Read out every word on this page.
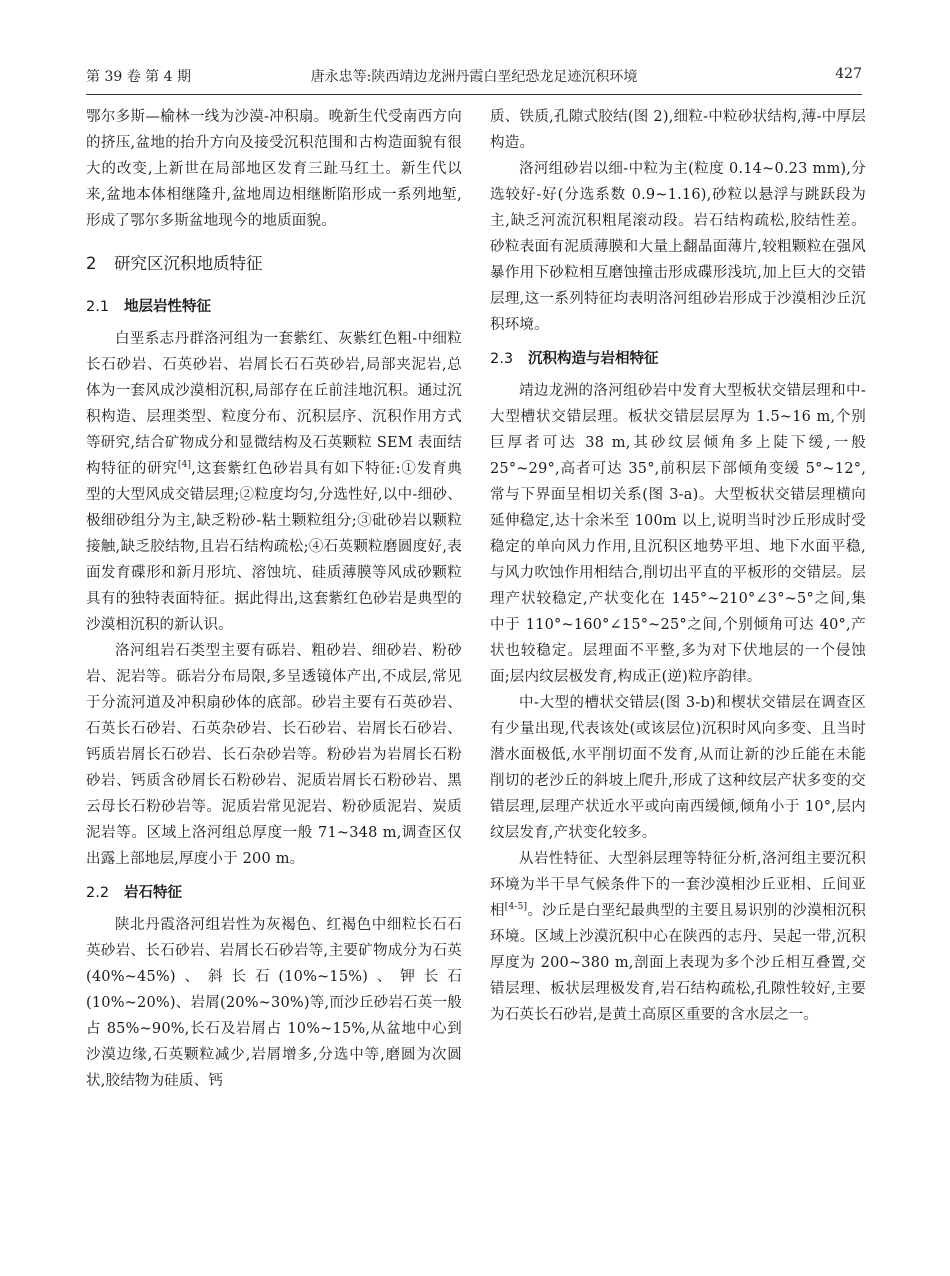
第 39 卷 第 4 期	唐永忠等:陕西靖边龙洲丹霞白垩纪恐龙足迹沉积环境	427

鄂尔多斯—榆林一线为沙漠-冲积扇。晚新生代受南西方向的挤压,盆地的抬升方向及接受沉积范围和古构造面貌有很大的改变,上新世在局部地区发育三趾马红土。新生代以来,盆地本体相继隆升,盆地周边相继断陷形成一系列地堑,形成了鄂尔多斯盆地现今的地质面貌。

2 研究区沉积地质特征
2.1 地层岩性特征

白垩系志丹群洛河组为一套紫红、灰紫红色粗-中细粒长石砂岩、石英砂岩、岩屑长石石英砂岩,局部夹泥岩,总体为一套风成沙漠相沉积,局部存在丘前洼地沉积。通过沉积构造、层理类型、粒度分布、沉积层序、沉积作用方式等研究,结合矿物成分和显微结构及石英颗粒 SEM 表面结构特征的研究[4],这套紫红色砂岩具有如下特征:①发育典型的大型风成交错层理;②粒度均匀,分选性好,以中-细砂、极细砂组分为主,缺乏粉砂-粘土颗粒组分;③砒砂岩以颗粒接触,缺乏胶结物,且岩石结构疏松;④石英颗粒磨圆度好,表面发育碟形和新月形坑、溶蚀坑、硅质薄膜等风成砂颗粒具有的独特表面特征。据此得出,这套紫红色砂岩是典型的沙漠相沉积的新认识。

洛河组岩石类型主要有砾岩、粗砂岩、细砂岩、粉砂岩、泥岩等。砾岩分布局限,多呈透镜体产出,不成层,常见于分流河道及冲积扇砂体的底部。砂岩主要有石英砂岩、石英长石砂岩、石英杂砂岩、长石砂岩、岩屑长石砂岩、钙质岩屑长石砂岩、长石杂砂岩等。粉砂岩为岩屑长石粉砂岩、钙质含砂屑长石粉砂岩、泥质岩屑长石粉砂岩、黑云母长石粉砂岩等。泥质岩常见泥岩、粉砂质泥岩、炭质泥岩等。区域上洛河组总厚度一般 71~348 m,调查区仅出露上部地层,厚度小于 200 m。

2.2 岩石特征

陕北丹霞洛河组岩性为灰褐色、红褐色中细粒长石石英砂岩、长石砂岩、岩屑长石砂岩等,主要矿物成分为石英(40%~45%)、斜长石(10%~15%)、钾长石(10%~20%)、岩屑(20%~30%)等,而沙丘砂岩石英一般占 85%~90%,长石及岩屑占 10%~15%,从盆地中心到沙漠边缘,石英颗粒减少,岩屑增多,分选中等,磨圆为次圆状,胶结物为硅质、钙

质、铁质,孔隙式胶结(图 2),细粒-中粒砂状结构,薄-中厚层构造。

洛河组砂岩以细-中粒为主(粒度 0.14~0.23 mm),分选较好-好(分选系数 0.9~1.16),砂粒以悬浮与跳跃段为主,缺乏河流沉积粗尾滚动段。岩石结构疏松,胶结性差。砂粒表面有泥质薄膜和大量上翻晶面薄片,较粗颗粒在强风暴作用下砂粒相互磨蚀撞击形成碟形浅坑,加上巨大的交错层理,这一系列特征均表明洛河组砂岩形成于沙漠相沙丘沉积环境。

2.3 沉积构造与岩相特征

靖边龙洲的洛河组砂岩中发育大型板状交错层理和中-大型槽状交错层理。板状交错层层厚为 1.5~16 m,个别巨厚者可达 38 m,其砂纹层倾角多上陡下缓,一般 25°~29°,高者可达 35°,前积层下部倾角变缓 5°~12°,常与下界面呈相切关系(图 3-a)。大型板状交错层理横向延伸稳定,达十余米至 100m 以上,说明当时沙丘形成时受稳定的单向风力作用,且沉积区地势平坦、地下水面平稳,与风力吹蚀作用相结合,削切出平直的平板形的交错层。层理产状较稳定,产状变化在 145°~210°∠3°~5°之间,集中于 110°~160°∠15°~25°之间,个别倾角可达 40°,产状也较稳定。层理面不平整,多为对下伏地层的一个侵蚀面;层内纹层极发育,构成正(逆)粒序韵律。

中-大型的槽状交错层(图 3-b)和楔状交错层在调查区有少量出现,代表该处(或该层位)沉积时风向多变、且当时潜水面极低,水平削切面不发育,从而让新的沙丘能在未能削切的老沙丘的斜坡上爬升,形成了这种纹层产状多变的交错层理,层理产状近水平或向南西缓倾,倾角小于 10°,层内纹层发育,产状变化较多。

从岩性特征、大型斜层理等特征分析,洛河组主要沉积环境为半干旱气候条件下的一套沙漠相沙丘亚相、丘间亚相[4-5]。沙丘是白垩纪最典型的主要且易识别的沙漠相沉积环境。区域上沙漠沉积中心在陕西的志丹、吴起一带,沉积厚度为 200~380 m,剖面上表现为多个沙丘相互叠置,交错层理、板状层理极发育,岩石结构疏松,孔隙性较好,主要为石英长石砂岩,是黄土高原区重要的含水层之一。
